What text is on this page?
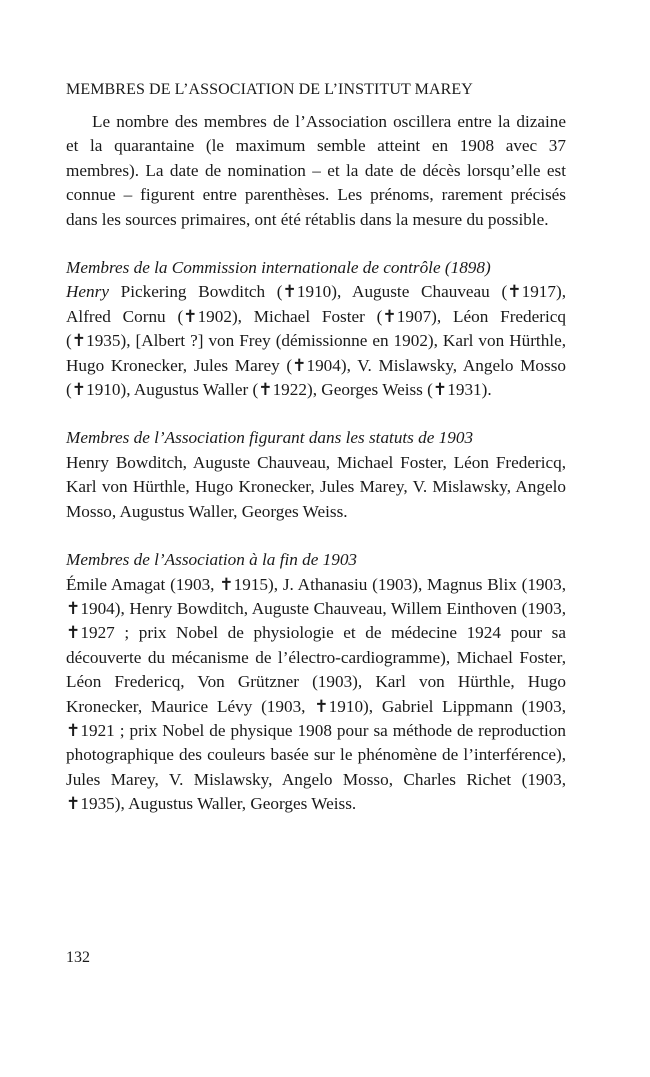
MEMBRES DE L’ASSOCIATION DE L’INSTITUT MAREY

Le nombre des membres de l’Association oscillera entre la dizaine et la quarantaine (le maximum semble atteint en 1908 avec 37 membres). La date de nomination – et la date de décès lorsqu’elle est connue – figurent entre parenthèses. Les prénoms, rarement précisés dans les sources primaires, ont été rétablis dans la mesure du possible.

Membres de la Commission internationale de contrôle (1898)

Henry Pickering Bowditch (✝1910), Auguste Chauveau (✝1917), Alfred Cornu (✝1902), Michael Foster (✝1907), Léon Fredericq (✝1935), [Albert ?] von Frey (démissionne en 1902), Karl von Hürthle, Hugo Kronecker, Jules Marey (✝1904), V. Mislawsky, Angelo Mosso (✝1910), Augustus Waller (✝1922), Georges Weiss (✝1931).

Membres de l’Association figurant dans les statuts de 1903

Henry Bowditch, Auguste Chauveau, Michael Foster, Léon Fredericq, Karl von Hürthle, Hugo Kronecker, Jules Marey, V. Mislawsky, Angelo Mosso, Augustus Waller, Georges Weiss.

Membres de l’Association à la fin de 1903

Émile Amagat (1903, ✝1915), J. Athanasiu (1903), Magnus Blix (1903, ✝1904), Henry Bowditch, Auguste Chauveau, Willem Einthoven (1903, ✝1927 ; prix Nobel de physiologie et de médecine 1924 pour sa découverte du mécanisme de l’électro-cardiogramme), Michael Foster, Léon Fredericq, Von Grützner (1903), Karl von Hürthle, Hugo Kronecker, Maurice Lévy (1903, ✝1910), Gabriel Lippmann (1903, ✝1921 ; prix Nobel de physique 1908 pour sa méthode de reproduction photographique des couleurs basée sur le phénomène de l’interférence), Jules Marey, V. Mislawsky, Angelo Mosso, Charles Richet (1903, ✝1935), Augustus Waller, Georges Weiss.

132
